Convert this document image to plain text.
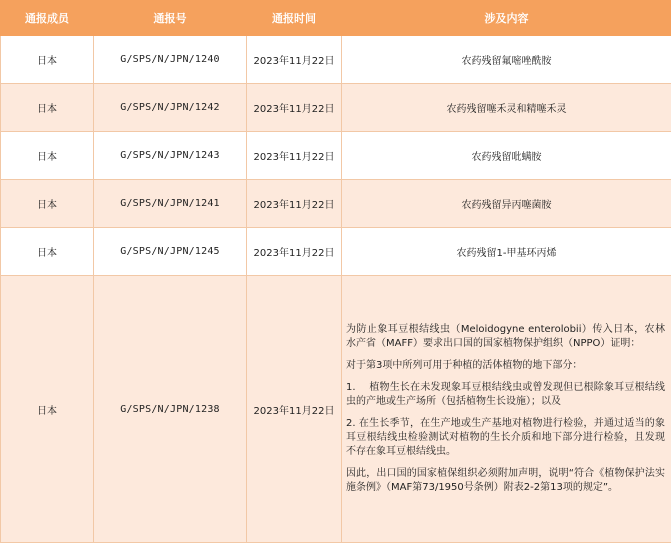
通报成员	通报号	通报时间	涉及内容
日本	G/SPS/N/JPN/1240	2023年11月22日	农药残留氟嘧唑酰胺
日本	G/SPS/N/JPN/1242	2023年11月22日	农药残留噻禾灵和精噻禾灵
日本	G/SPS/N/JPN/1243	2023年11月22日	农药残留吡螨胺
日本	G/SPS/N/JPN/1241	2023年11月22日	农药残留异丙噻菌胺
日本	G/SPS/N/JPN/1245	2023年11月22日	农药残留1-甲基环丙烯
日本	G/SPS/N/JPN/1238	2023年11月22日	为防止象耳豆根结线虫（Meloidogyne enterolobii）传入日本，农林水产省（MAFF）要求出口国的国家植物保护组织（NPPO）证明：

对于第3项中所列可用于种植的活体植物的地下部分：

1.　 植物生长在未发现象耳豆根结线虫或曾发现但已根除象耳豆根结线虫的产地或生产场所（包括植物生长设施）；以及

2. 在生长季节，在生产地或生产基地对植物进行检验，并通过适当的象耳豆根结线虫检验测试对植物的生长介质和地下部分进行检验，且发现不存在象耳豆根结线虫。

因此，出口国的国家植保组织必须附加声明，说明“符合《植物保护法实施条例》（MAF第73/1950号条例）附表2-2第13项的规定”。
